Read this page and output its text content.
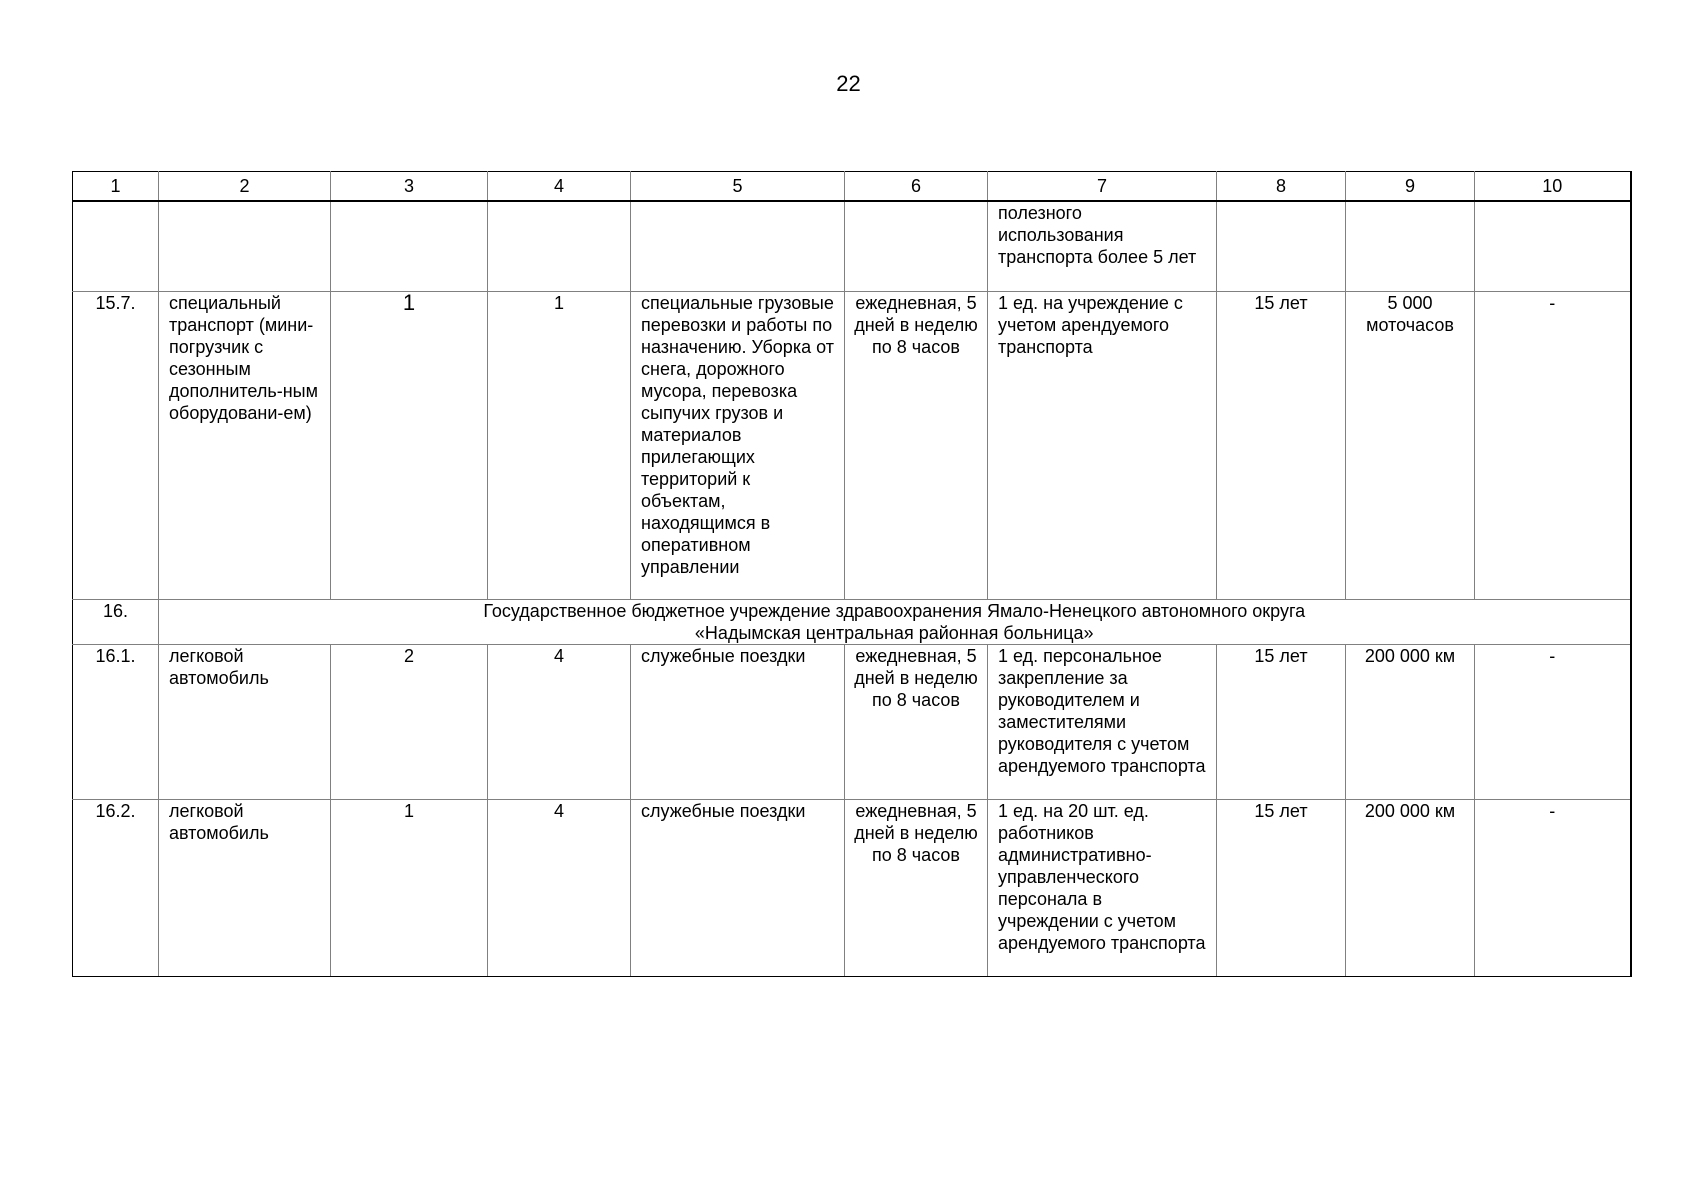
22
1	2	3	4	5	6	7	8	9	10
						полезного использования транспорта более 5 лет			
15.7.	специальный транспорт (мини-погрузчик с сезонным дополнитель-ным оборудовани-ем)	1	1	специальные грузовые перевозки и работы по назначению. Уборка от снега, дорожного мусора, перевозка сыпучих грузов и материалов прилегающих территорий к объектам, находящимся в оперативном управлении	ежедневная, 5 дней в неделю по 8 часов	1 ед. на учреждение с учетом арендуемого транспорта	15 лет	5 000 моточасов	-
16.	Государственное бюджетное учреждение здравоохранения Ямало-Ненецкого автономного округа
«Надымская центральная районная больница»								

16.1.	легковой автомобиль	2	4	служебные поездки	ежедневная, 5 дней в неделю по 8 часов	1 ед. персональное закрепление за руководителем и заместителями руководителя с учетом арендуемого транспорта	15 лет	200 000 км	-
16.2.	легковой автомобиль	1	4	служебные поездки	ежедневная, 5 дней в неделю по 8 часов	1 ед. на 20 шт. ед. работников административно-управленческого персонала в учреждении с учетом арендуемого транспорта	15 лет	200 000 км	-
